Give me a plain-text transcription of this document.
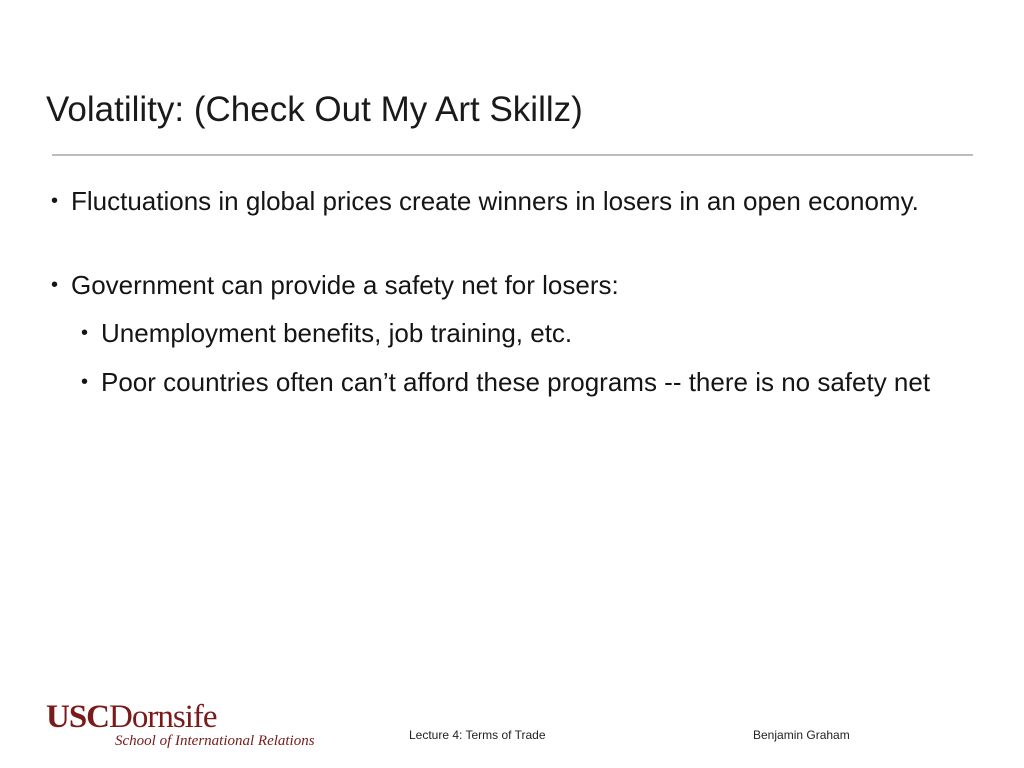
Volatility: (Check Out My Art Skillz)
• Fluctuations in global prices create winners in losers in an open economy.
• Government can provide a safety net for losers:
• Unemployment benefits, job training, etc.
• Poor countries often can’t afford these programs -- there is no safety net
USCDornsife
School of International Relations	Lecture 4: Terms of Trade	Benjamin Graham
